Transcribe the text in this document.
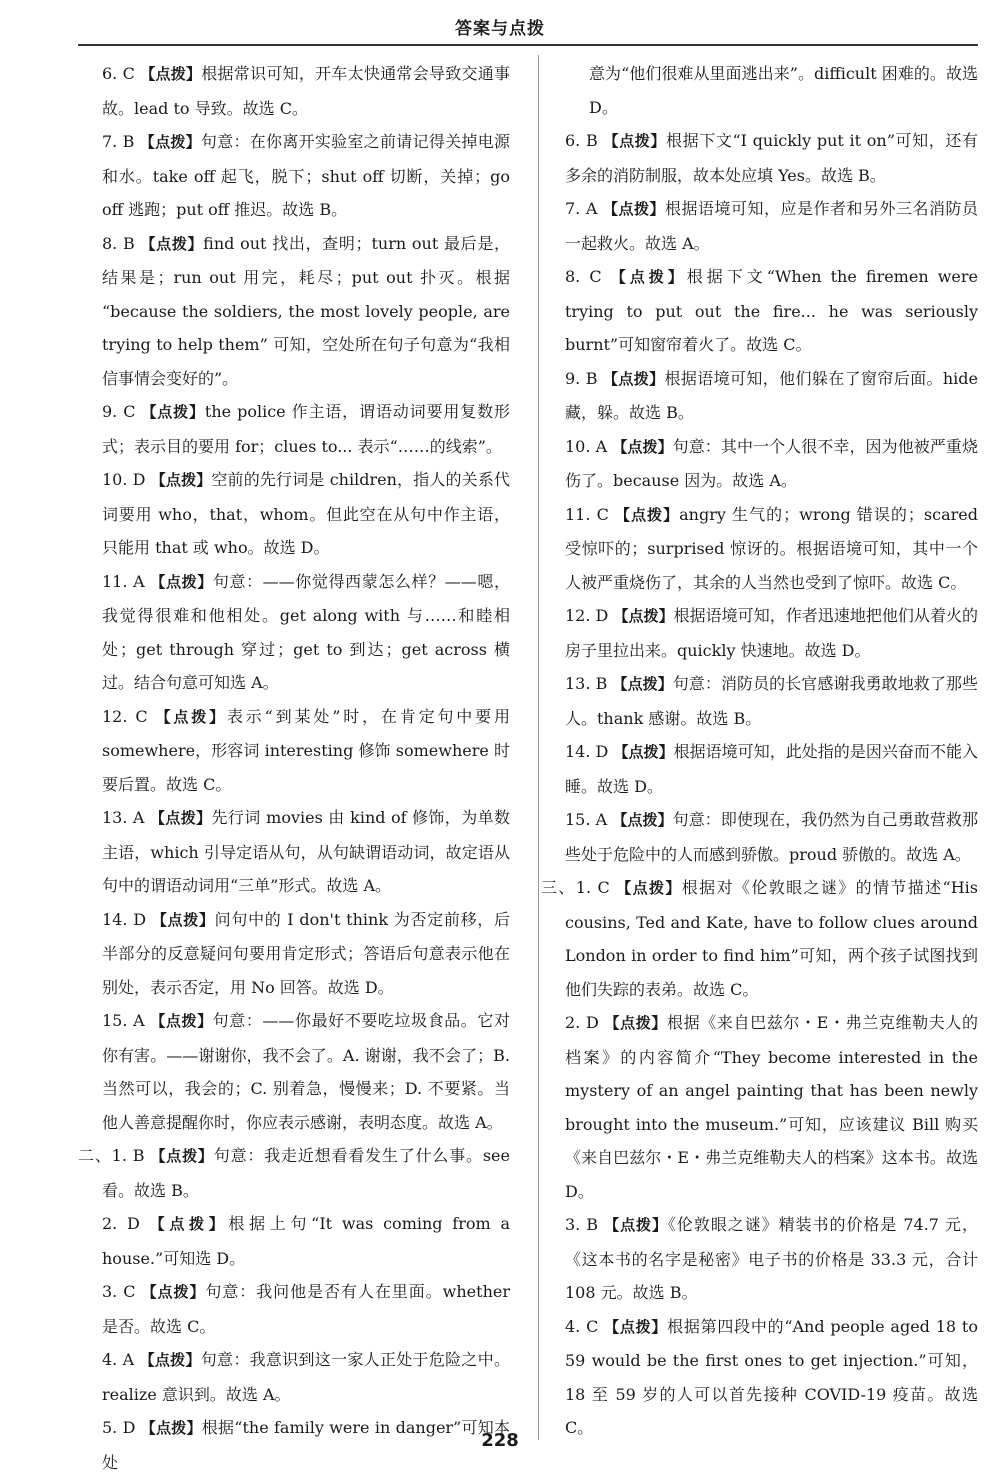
答案与点拨

6. C 【点拨】根据常识可知，开车太快通常会导致交通事故。lead to 导致。故选 C。

7. B 【点拨】句意：在你离开实验室之前请记得关掉电源和水。take off 起飞，脱下；shut off 切断，关掉；go off 逃跑；put off 推迟。故选 B。

8. B 【点拨】find out 找出，查明；turn out 最后是，结果是；run out 用完，耗尽；put out 扑灭。根据 “because the soldiers, the most lovely people, are trying to help them” 可知，空处所在句子句意为“我相信事情会变好的”。

9. C 【点拨】the police 作主语，谓语动词要用复数形式；表示目的要用 for；clues to... 表示“……的线索”。

10. D 【点拨】空前的先行词是 children，指人的关系代词要用 who，that，whom。但此空在从句中作主语，只能用 that 或 who。故选 D。

11. A 【点拨】句意：——你觉得西蒙怎么样？——嗯，我觉得很难和他相处。get along with 与……和睦相处；get through 穿过；get to 到达；get across 横过。结合句意可知选 A。

12. C 【点拨】表示“到某处”时，在肯定句中要用 somewhere，形容词 interesting 修饰 somewhere 时要后置。故选 C。

13. A 【点拨】先行词 movies 由 kind of 修饰，为单数主语，which 引导定语从句，从句缺谓语动词，故定语从句中的谓语动词用“三单”形式。故选 A。

14. D 【点拨】问句中的 I don't think 为否定前移，后半部分的反意疑问句要用肯定形式；答语后句意表示他在别处，表示否定，用 No 回答。故选 D。

15. A 【点拨】句意：——你最好不要吃垃圾食品。它对你有害。——谢谢你，我不会了。A. 谢谢，我不会了；B. 当然可以，我会的；C. 别着急，慢慢来；D. 不要紧。当他人善意提醒你时，你应表示感谢，表明态度。故选 A。

二、1. B 【点拨】句意：我走近想看看发生了什么事。see 看。故选 B。

2. D 【点拨】根据上句“It was coming from a house.”可知选 D。

3. C 【点拨】句意：我问他是否有人在里面。whether 是否。故选 C。

4. A 【点拨】句意：我意识到这一家人正处于危险之中。realize 意识到。故选 A。

5. D 【点拨】根据“the family were in danger”可知本处

意为“他们很难从里面逃出来”。difficult 困难的。故选 D。

6. B 【点拨】根据下文“I quickly put it on”可知，还有多余的消防制服，故本处应填 Yes。故选 B。

7. A 【点拨】根据语境可知，应是作者和另外三名消防员一起救火。故选 A。

8. C 【点拨】根据下文“When the firemen were trying to put out the fire... he was seriously burnt”可知窗帘着火了。故选 C。

9. B 【点拨】根据语境可知，他们躲在了窗帘后面。hide 藏，躲。故选 B。

10. A 【点拨】句意：其中一个人很不幸，因为他被严重烧伤了。because 因为。故选 A。

11. C 【点拨】angry 生气的；wrong 错误的；scared 受惊吓的；surprised 惊讶的。根据语境可知，其中一个人被严重烧伤了，其余的人当然也受到了惊吓。故选 C。

12. D 【点拨】根据语境可知，作者迅速地把他们从着火的房子里拉出来。quickly 快速地。故选 D。

13. B 【点拨】句意：消防员的长官感谢我勇敢地救了那些人。thank 感谢。故选 B。

14. D 【点拨】根据语境可知，此处指的是因兴奋而不能入睡。故选 D。

15. A 【点拨】句意：即使现在，我仍然为自己勇敢营救那些处于危险中的人而感到骄傲。proud 骄傲的。故选 A。

三、1. C 【点拨】根据对《伦敦眼之谜》的情节描述“His cousins, Ted and Kate, have to follow clues around London in order to find him”可知，两个孩子试图找到他们失踪的表弟。故选 C。

2. D 【点拨】根据《来自巴兹尔・E・弗兰克维勒夫人的档案》的内容简介“They become interested in the mystery of an angel painting that has been newly brought into the museum.”可知，应该建议 Bill 购买《来自巴兹尔・E・弗兰克维勒夫人的档案》这本书。故选 D。

3. B 【点拨】《伦敦眼之谜》精装书的价格是 74.7 元，《这本书的名字是秘密》电子书的价格是 33.3 元，合计 108 元。故选 B。

4. C 【点拨】根据第四段中的“And people aged 18 to 59 would be the first ones to get injection.”可知，18 至 59 岁的人可以首先接种 COVID-19 疫苗。故选 C。

228
